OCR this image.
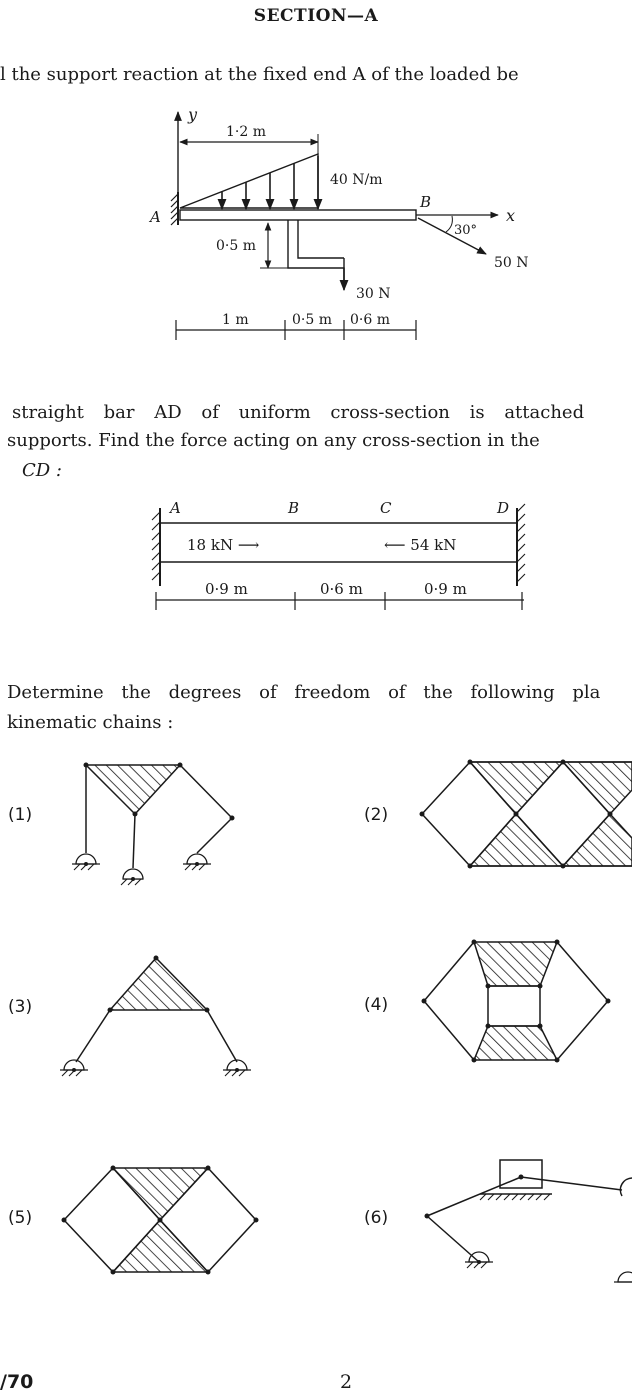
SECTION—A
l the support reaction at the fixed end A of the loaded be
y
1·2 m
40 N/m
A
B
x
30°
50 N
30 N
0·5 m
1 m	0·5 m 0·6 m
straight bar AD of uniform cross-section is attached
supports. Find the force acting on any cross-section in the
CD :
A	B	C	D
18 kN ⟶	⟵ 54 kN
0·9 m	0·6 m	0·9 m
Determine the degrees of freedom of the following pla
kinematic chains :
(1)	(2)
(3)	(4)
(5)	(6)
/70	2
